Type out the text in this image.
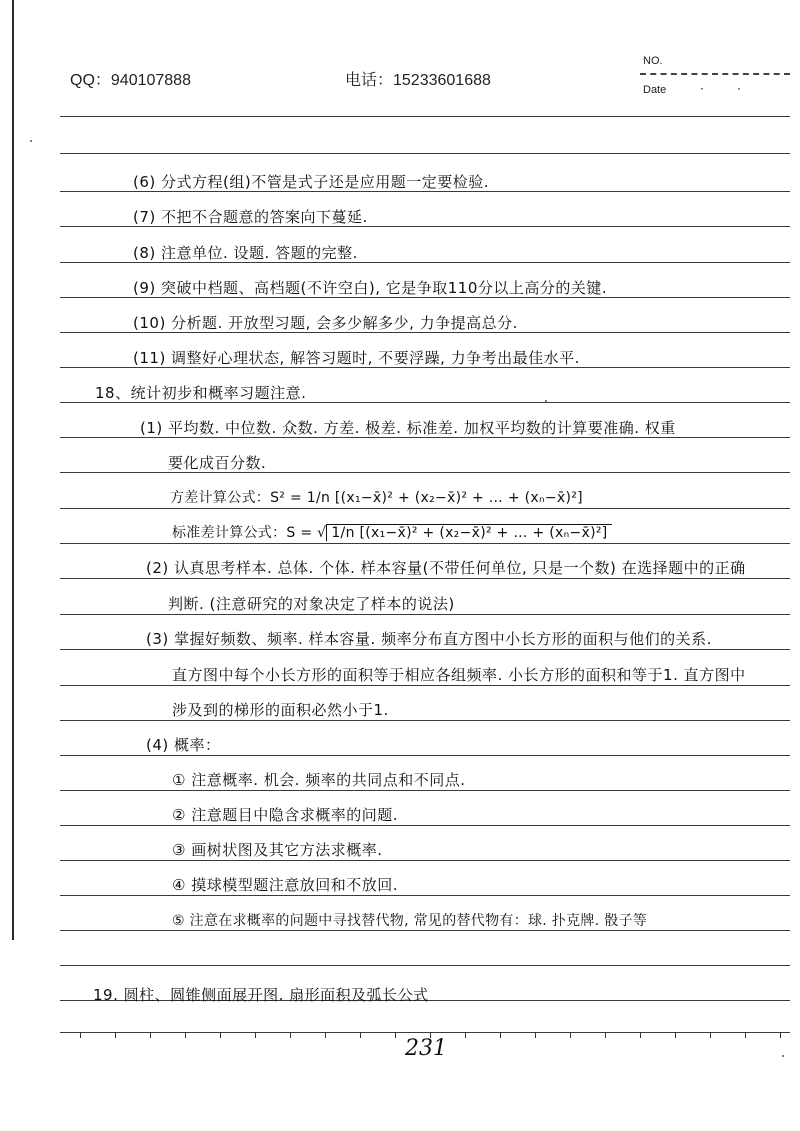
QQ：940107888	电话：15233601688
NO.
Date	·	·
(6) 分式方程(组)不管是式子还是应用题一定要检验.
(7) 不把不合题意的答案向下蔓延.
(8) 注意单位. 设题. 答题的完整.
(9) 突破中档题、高档题(不许空白), 它是争取110分以上高分的关键.
(10) 分析题. 开放型习题, 会多少解多少, 力争提高总分.
(11) 调整好心理状态, 解答习题时, 不要浮躁, 力争考出最佳水平.
18、统计初步和概率习题注意.
(1) 平均数. 中位数. 众数. 方差. 极差. 标准差. 加权平均数的计算要准确. 权重
要化成百分数.
方差计算公式：S² = 1/n [(x₁−x̄)² + (x₂−x̄)² + … + (xₙ−x̄)²]
标准差计算公式：S = √ 1/n [(x₁−x̄)² + (x₂−x̄)² + … + (xₙ−x̄)²]
(2) 认真思考样本. 总体. 个体. 样本容量(不带任何单位, 只是一个数) 在选择题中的正确
判断. (注意研究的对象决定了样本的说法)
(3) 掌握好频数、频率. 样本容量. 频率分布直方图中小长方形的面积与他们的关系.
直方图中每个小长方形的面积等于相应各组频率. 小长方形的面积和等于1. 直方图中
涉及到的梯形的面积必然小于1.
(4) 概率：
① 注意概率. 机会. 频率的共同点和不同点.
② 注意题目中隐含求概率的问题.
③ 画树状图及其它方法求概率.
④ 摸球模型题注意放回和不放回.
⑤ 注意在求概率的问题中寻找替代物, 常见的替代物有：球. 扑克牌. 骰子等
19. 圆柱、圆锥侧面展开图. 扇形面积及弧长公式
231
